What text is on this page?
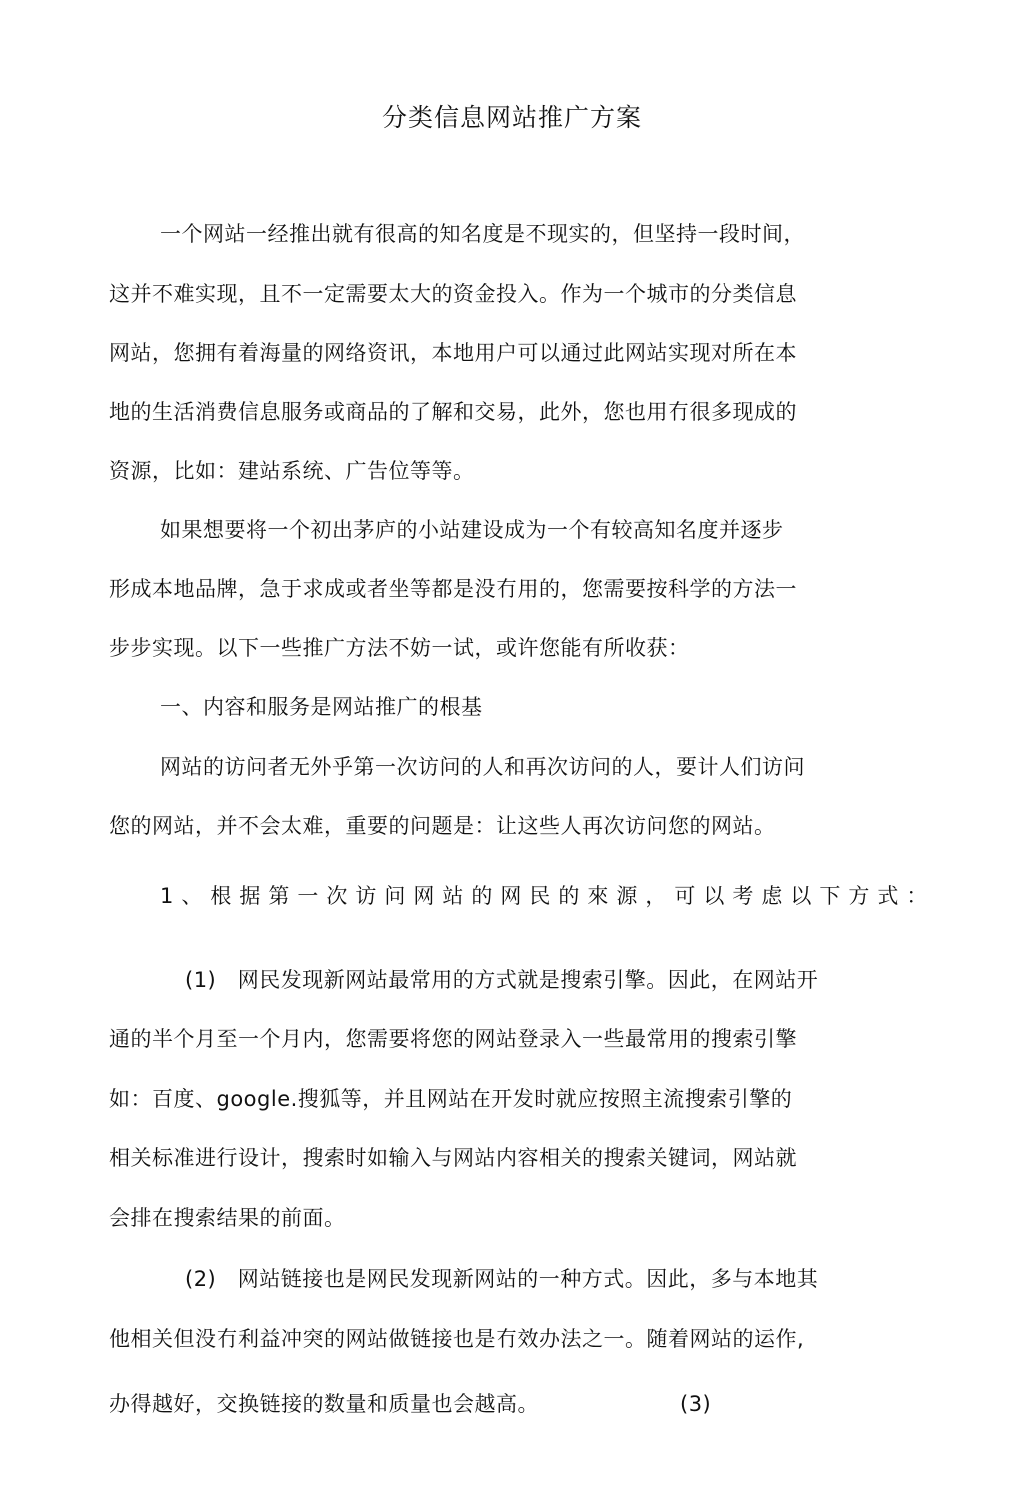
分类信息网站推广方案
一个网站一经推出就有很高的知名度是不现实的，但坚持一段时间，
这并不难实现，且不一定需要太大的资金投入。作为一个城市的分类信息
网站，您拥有着海量的网络资讯，本地用户可以通过此网站实现对所在本
地的生活消费信息服务或商品的了解和交易，此外，您也用冇很多现成的
资源，比如：建站系统、广告位等等。
如果想要将一个初出茅庐的小站建设成为一个有较高知名度并逐步
形成本地品牌，急于求成或者坐等都是没冇用的，您需要按科学的方法一
步步实现。以下一些推广方法不妨一试，或许您能有所收获：
一、内容和服务是网站推广的根基
网站的访问者无外乎第一次访问的人和再次访问的人，要计人们访问
您的网站，并不会太难，重要的问题是：让这些人再次访问您的网站。
1、根据第一次访问网站的网民的來源，可以考虑以下方式：
(1)　网民发现新网站最常用的方式就是搜索引擎。因此，在网站开
通的半个月至一个月内，您需要将您的网站登录入一些最常用的搜索引擎
如：百度、google.搜狐等，并且网站在开发时就应按照主流搜索引擎的
相关标准进行设计，搜索时如输入与网站内容相关的搜索关键词，网站就
会排在搜索结果的前面。
(2)　网站链接也是网民发现新网站的一种方式。因此，多与本地其
他相关但没冇利益冲突的网站做链接也是冇效办法之一。随着网站的运作,
办得越好，交换链接的数量和质量也会越高。	(3)
